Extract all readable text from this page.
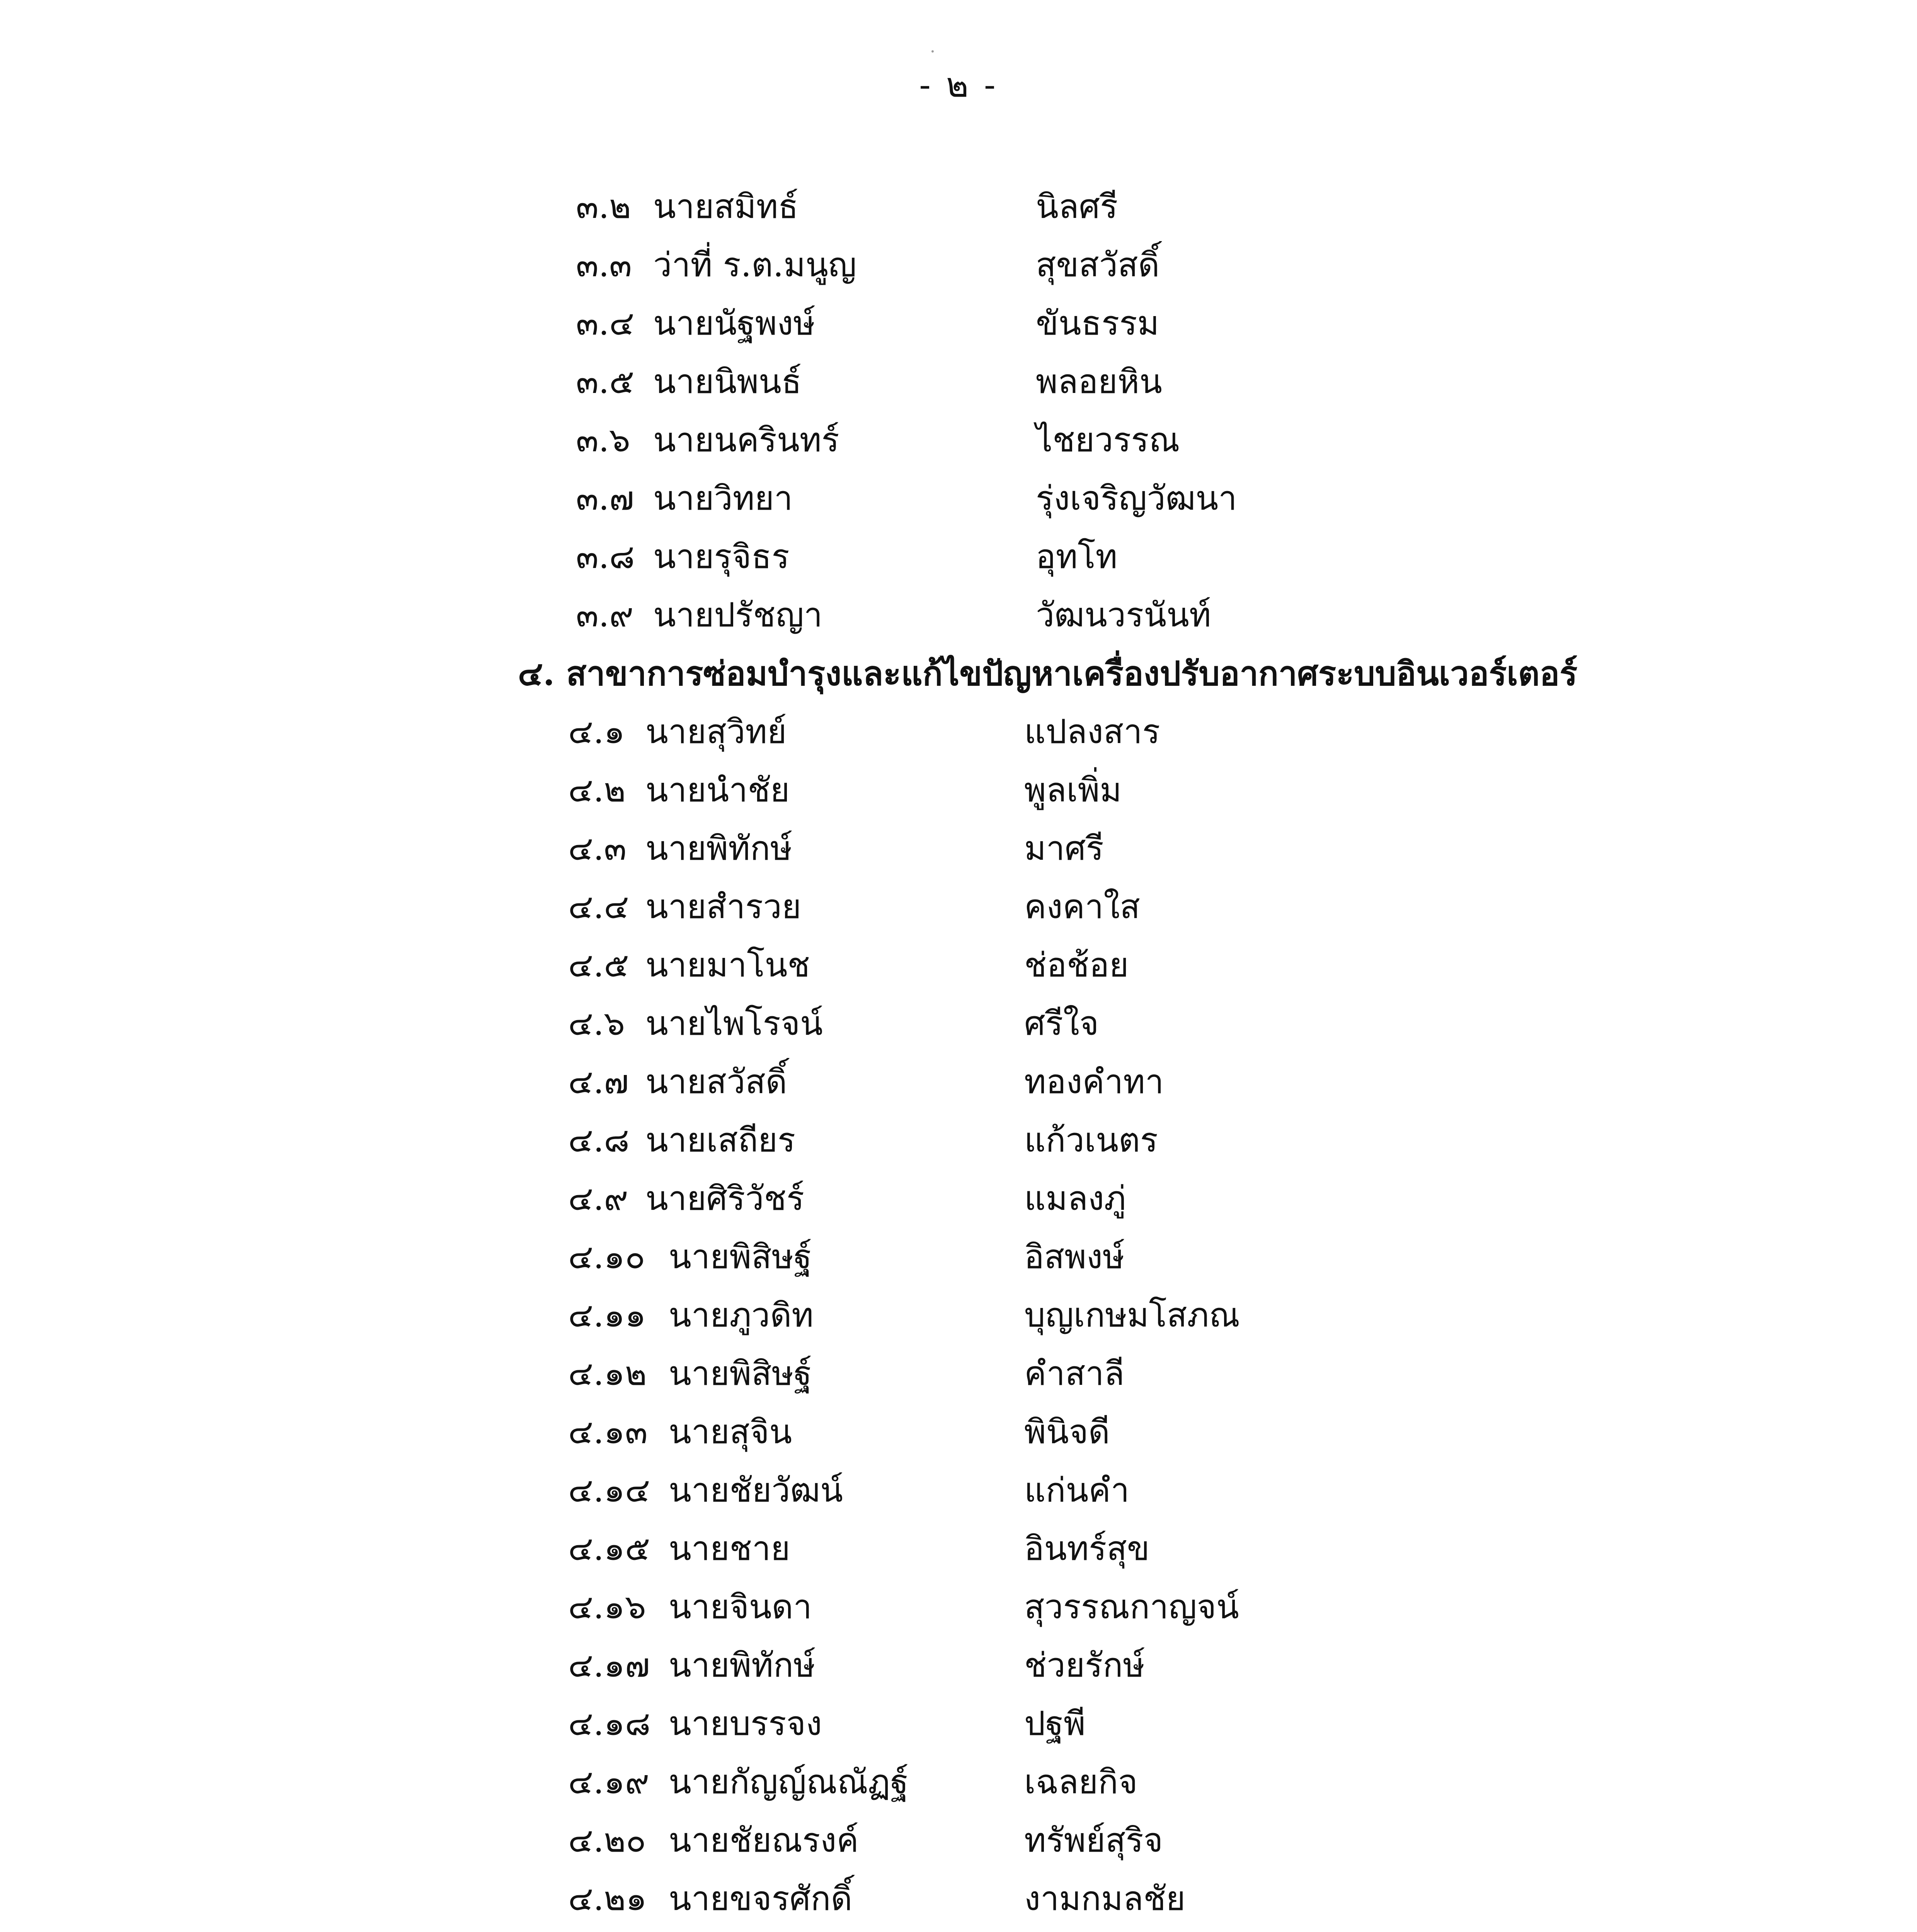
- ๒ -
๓.๒ นายสมิทธ์	นิลศรี
๓.๓ ว่าที่ ร.ต.มนูญ	สุขสวัสดิ์
๓.๔ นายนัฐพงษ์	ขันธรรม
๓.๕ นายนิพนธ์	พลอยหิน
๓.๖ นายนครินทร์	ไชยวรรณ
๓.๗ นายวิทยา	รุ่งเจริญวัฒนา
๓.๘ นายรุจิธร	อุทโท
๓.๙ นายปรัชญา	วัฒนวรนันท์
๔. สาขาการซ่อมบำรุงและแก้ไขปัญหาเครื่องปรับอากาศระบบอินเวอร์เตอร์
๔.๑ นายสุวิทย์	แปลงสาร
๔.๒ นายนำชัย	พูลเพิ่ม
๔.๓ นายพิทักษ์	มาศรี
๔.๔ นายสำรวย	คงคาใส
๔.๕ นายมาโนช	ช่อช้อย
๔.๖ นายไพโรจน์	ศรีใจ
๔.๗ นายสวัสดิ์	ทองคำทา
๔.๘ นายเสถียร	แก้วเนตร
๔.๙ นายศิริวัชร์	แมลงภู่
๔.๑๐ นายพิสิษฐ์	อิสพงษ์
๔.๑๑ นายภูวดิท	บุญเกษมโสภณ
๔.๑๒ นายพิสิษฐ์	คำสาลี
๔.๑๓ นายสุจิน	พินิจดี
๔.๑๔ นายชัยวัฒน์	แก่นคำ
๔.๑๕ นายชาย	อินทร์สุข
๔.๑๖ นายจินดา	สุวรรณกาญจน์
๔.๑๗ นายพิทักษ์	ช่วยรักษ์
๔.๑๘ นายบรรจง	ปฐพี
๔.๑๙ นายกัญญ์ณณัฏฐ์	เฉลยกิจ
๔.๒๐ นายชัยณรงค์	ทรัพย์สุริจ
๔.๒๑ นายขจรศักดิ์	งามกมลชัย
